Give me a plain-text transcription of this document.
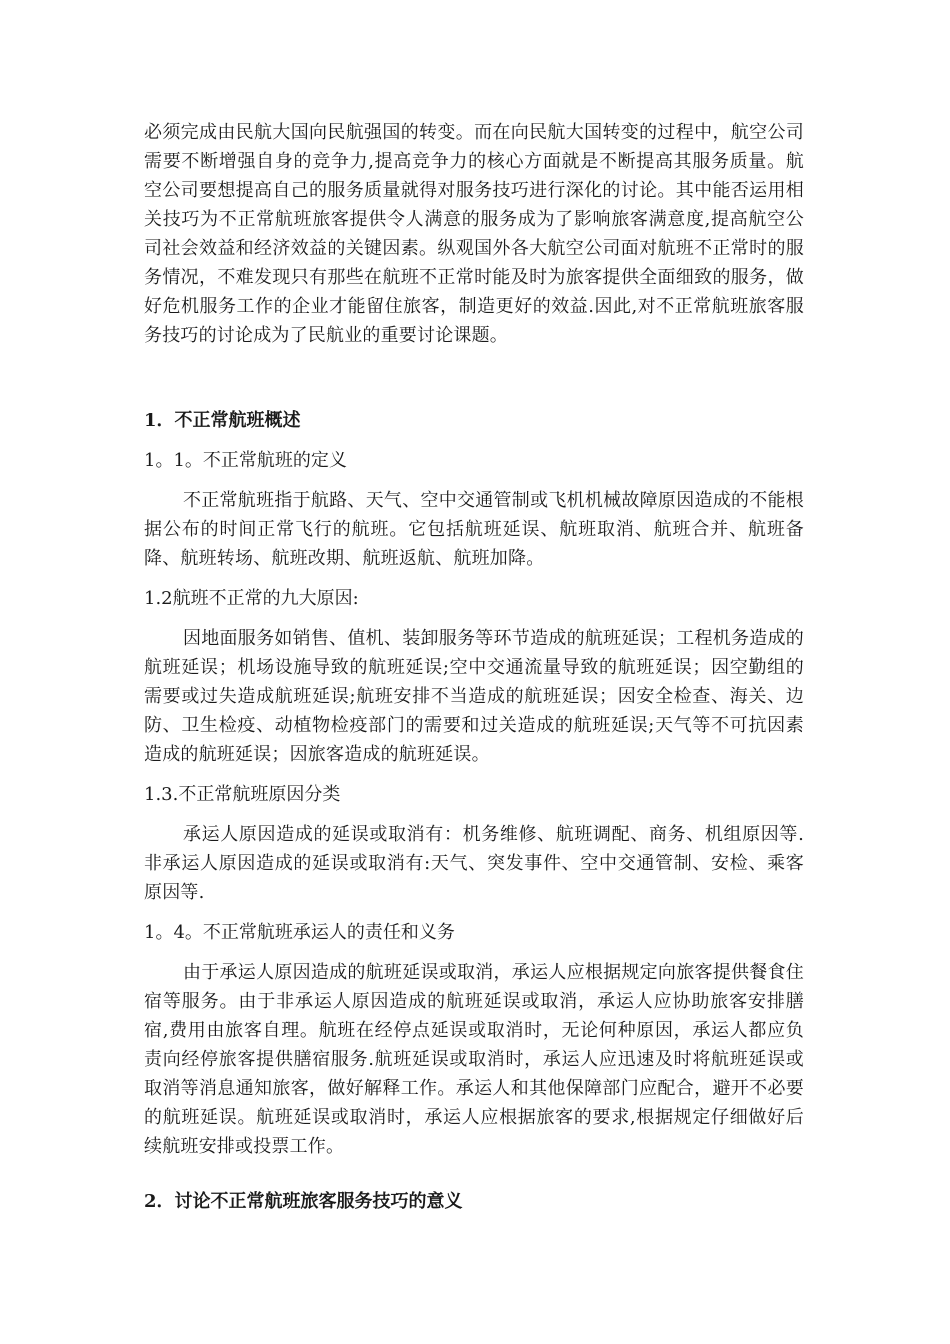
必须完成由民航大国向民航强国的转变。而在向民航大国转变的过程中，航空公司需要不断增强自身的竞争力,提高竞争力的核心方面就是不断提高其服务质量。航空公司要想提高自己的服务质量就得对服务技巧进行深化的讨论。其中能否运用相关技巧为不正常航班旅客提供令人满意的服务成为了影响旅客满意度,提高航空公司社会效益和经济效益的关键因素。纵观国外各大航空公司面对航班不正常时的服务情况，不难发现只有那些在航班不正常时能及时为旅客提供全面细致的服务，做好危机服务工作的企业才能留住旅客，制造更好的效益.因此,对不正常航班旅客服务技巧的讨论成为了民航业的重要讨论课题。

1．不正常航班概述
1。1。不正常航班的定义

不正常航班指于航路、天气、空中交通管制或飞机机械故障原因造成的不能根据公布的时间正常飞行的航班。它包括航班延误、航班取消、航班合并、航班备降、航班转场、航班改期、航班返航、航班加降。

1.2航班不正常的九大原因:

因地面服务如销售、值机、装卸服务等环节造成的航班延误；工程机务造成的航班延误；机场设施导致的航班延误;空中交通流量导致的航班延误；因空勤组的需要或过失造成航班延误;航班安排不当造成的航班延误；因安全检查、海关、边防、卫生检疫、动植物检疫部门的需要和过关造成的航班延误;天气等不可抗因素造成的航班延误；因旅客造成的航班延误。

1.3.不正常航班原因分类

承运人原因造成的延误或取消有：机务维修、航班调配、商务、机组原因等.非承运人原因造成的延误或取消有:天气、突发事件、空中交通管制、安检、乘客原因等.

1。4。不正常航班承运人的责任和义务

由于承运人原因造成的航班延误或取消，承运人应根据规定向旅客提供餐食住宿等服务。由于非承运人原因造成的航班延误或取消，承运人应协助旅客安排膳宿,费用由旅客自理。航班在经停点延误或取消时，无论何种原因，承运人都应负责向经停旅客提供膳宿服务.航班延误或取消时，承运人应迅速及时将航班延误或取消等消息通知旅客，做好解释工作。承运人和其他保障部门应配合，避开不必要的航班延误。航班延误或取消时，承运人应根据旅客的要求,根据规定仔细做好后续航班安排或投票工作。

2．讨论不正常航班旅客服务技巧的意义
